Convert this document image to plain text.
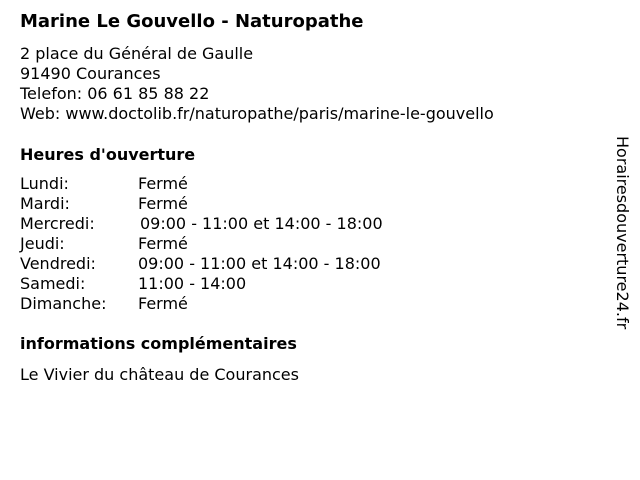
Marine Le Gouvello - Naturopathe
2 place du Général de Gaulle
91490 Courances
Telefon: 06 61 85 88 22
Web: www.doctolib.fr/naturopathe/paris/marine-le-gouvello
Heures d'ouverture
Lundi:	Fermé
Mardi:	Fermé
Mercredi:	09:00 - 11:00 et 14:00 - 18:00
Jeudi:	Fermé
Vendredi:	09:00 - 11:00 et 14:00 - 18:00
Samedi:	11:00 - 14:00
Dimanche: Fermé
informations complémentaires
Le Vivier du château de Courances
Horairesdouverture24.fr
